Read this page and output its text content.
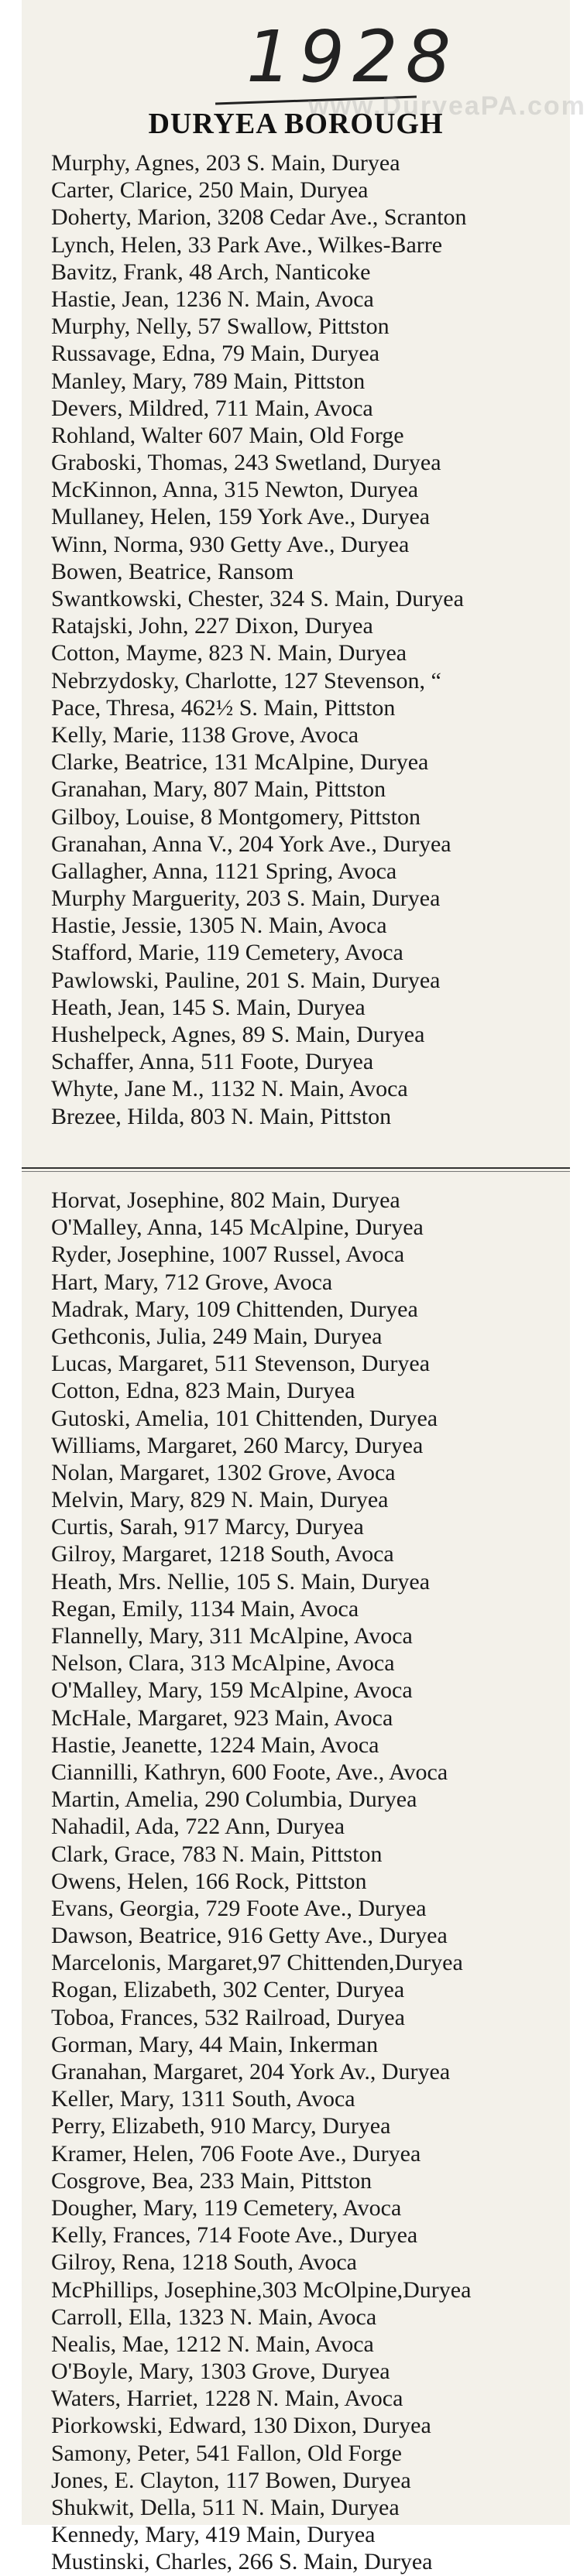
1928
www.DuryeaPA.com
DURYEA BOROUGH
Murphy, Agnes, 203 S. Main, Duryea
Carter, Clarice, 250 Main, Duryea
Doherty, Marion, 3208 Cedar Ave., Scranton
Lynch, Helen, 33 Park Ave., Wilkes-Barre
Bavitz, Frank, 48 Arch, Nanticoke
Hastie, Jean, 1236 N. Main, Avoca
Murphy, Nelly, 57 Swallow, Pittston
Russavage, Edna, 79 Main, Duryea
Manley, Mary, 789 Main, Pittston
Devers, Mildred, 711 Main, Avoca
Rohland, Walter 607 Main, Old Forge
Graboski, Thomas, 243 Swetland, Duryea
McKinnon, Anna, 315 Newton, Duryea
Mullaney, Helen, 159 York Ave., Duryea
Winn, Norma, 930 Getty Ave., Duryea
Bowen, Beatrice, Ransom
Swantkowski, Chester, 324 S. Main, Duryea
Ratajski, John, 227 Dixon, Duryea
Cotton, Mayme, 823 N. Main, Duryea
Nebrzydosky, Charlotte, 127 Stevenson, “
Pace, Thresa, 462½ S. Main, Pittston
Kelly, Marie, 1138 Grove, Avoca
Clarke, Beatrice, 131 McAlpine, Duryea
Granahan, Mary, 807 Main, Pittston
Gilboy, Louise, 8 Montgomery, Pittston
Granahan, Anna V., 204 York Ave., Duryea
Gallagher, Anna, 1121 Spring, Avoca
Murphy Marguerity, 203 S. Main, Duryea
Hastie, Jessie, 1305 N. Main, Avoca
Stafford, Marie, 119 Cemetery, Avoca
Pawlowski, Pauline, 201 S. Main, Duryea
Heath, Jean, 145 S. Main, Duryea
Hushelpeck, Agnes, 89 S. Main, Duryea
Schaffer, Anna, 511 Foote, Duryea
Whyte, Jane M., 1132 N. Main, Avoca
Brezee, Hilda, 803 N. Main, Pittston
Horvat, Josephine, 802 Main, Duryea
O'Malley, Anna, 145 McAlpine, Duryea
Ryder, Josephine, 1007 Russel, Avoca
Hart, Mary, 712 Grove, Avoca
Madrak, Mary, 109 Chittenden, Duryea
Gethconis, Julia, 249 Main, Duryea
Lucas, Margaret, 511 Stevenson, Duryea
Cotton, Edna, 823 Main, Duryea
Gutoski, Amelia, 101 Chittenden, Duryea
Williams, Margaret, 260 Marcy, Duryea
Nolan, Margaret, 1302 Grove, Avoca
Melvin, Mary, 829 N. Main, Duryea
Curtis, Sarah, 917 Marcy, Duryea
Gilroy, Margaret, 1218 South, Avoca
Heath, Mrs. Nellie, 105 S. Main, Duryea
Regan, Emily, 1134 Main, Avoca
Flannelly, Mary, 311 McAlpine, Avoca
Nelson, Clara, 313 McAlpine, Avoca
O'Malley, Mary, 159 McAlpine, Avoca
McHale, Margaret, 923 Main, Avoca
Hastie, Jeanette, 1224 Main, Avoca
Ciannilli, Kathryn, 600 Foote, Ave., Avoca
Martin, Amelia, 290 Columbia, Duryea
Nahadil, Ada, 722 Ann, Duryea
Clark, Grace, 783 N. Main, Pittston
Owens, Helen, 166 Rock, Pittston
Evans, Georgia, 729 Foote Ave., Duryea
Dawson, Beatrice, 916 Getty Ave., Duryea
Marcelonis, Margaret,97 Chittenden,Duryea
Rogan, Elizabeth, 302 Center, Duryea
Toboa, Frances, 532 Railroad, Duryea
Gorman, Mary, 44 Main, Inkerman
Granahan, Margaret, 204 York Av., Duryea
Keller, Mary, 1311 South, Avoca
Perry, Elizabeth, 910 Marcy, Duryea
Kramer, Helen, 706 Foote Ave., Duryea
Cosgrove, Bea, 233 Main, Pittston
Dougher, Mary, 119 Cemetery, Avoca
Kelly, Frances, 714 Foote Ave., Duryea
Gilroy, Rena, 1218 South, Avoca
McPhillips, Josephine,303 McOlpine,Duryea
Carroll, Ella, 1323 N. Main, Avoca
Nealis, Mae, 1212 N. Main, Avoca
O'Boyle, Mary, 1303 Grove, Duryea
Waters, Harriet, 1228 N. Main, Avoca
Piorkowski, Edward, 130 Dixon, Duryea
Samony, Peter, 541 Fallon, Old Forge
Jones, E. Clayton, 117 Bowen, Duryea
Shukwit, Della, 511 N. Main, Duryea
Kennedy, Mary, 419 Main, Duryea
Mustinski, Charles, 266 S. Main, Duryea
